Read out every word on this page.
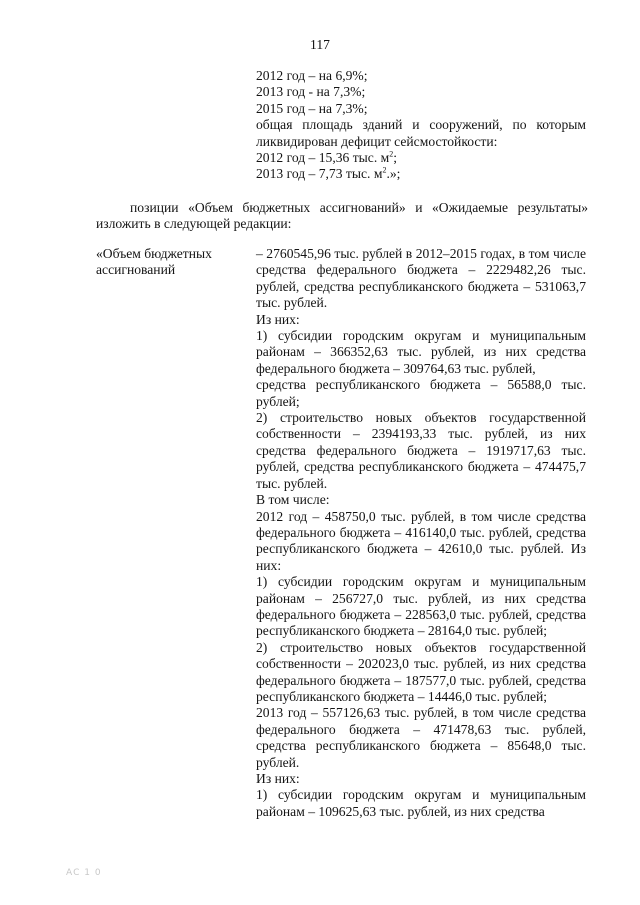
117
2012 год – на 6,9%;
2013 год - на 7,3%;
2015 год – на 7,3%;
общая площадь зданий и сооружений, по которым ликвидирован дефицит сейсмостойкости:
2012 год – 15,36 тыс. $м^2$;
2013 год – 7,73 тыс. $м^2$.»;
позиции «Объем бюджетных ассигнований» и «Ожидаемые результаты» изложить в следующей редакции:
«Объем бюджетных ассигнований

– 2760545,96 тыс. рублей в 2012–2015 годах, в том числе средства федерального бюджета – 2229482,26 тыс. рублей, средства республиканского бюджета – 531063,7 тыс. рублей.

Из них:

1) субсидии городским округам и муниципальным районам – 366352,63 тыс. рублей, из них средства федерального бюджета – 309764,63 тыс. рублей,

средства республиканского бюджета – 56588,0 тыс. рублей;

2) строительство новых объектов государственной собственности – 2394193,33 тыс. рублей, из них средства федерального бюджета – 1919717,63 тыс. рублей, средства республиканского бюджета – 474475,7 тыс. рублей.

В том числе:

2012 год – 458750,0 тыс. рублей, в том числе средства федерального бюджета – 416140,0 тыс. рублей, средства республиканского бюджета – 42610,0 тыс. рублей. Из них:

1) субсидии городским округам и муниципальным районам – 256727,0 тыс. рублей, из них средства федерального бюджета – 228563,0 тыс. рублей, средства республиканского бюджета – 28164,0 тыс. рублей;

2) строительство новых объектов государственной собственности – 202023,0 тыс. рублей, из них средства федерального бюджета – 187577,0 тыс. рублей, средства республиканского бюджета – 14446,0 тыс. рублей;

2013 год – 557126,63 тыс. рублей, в том числе средства федерального бюджета – 471478,63 тыс. рублей, средства республиканского бюджета – 85648,0 тыс. рублей.

Из них:

1) субсидии городским округам и муниципальным районам – 109625,63 тыс. рублей, из них средства

АС 1 0
